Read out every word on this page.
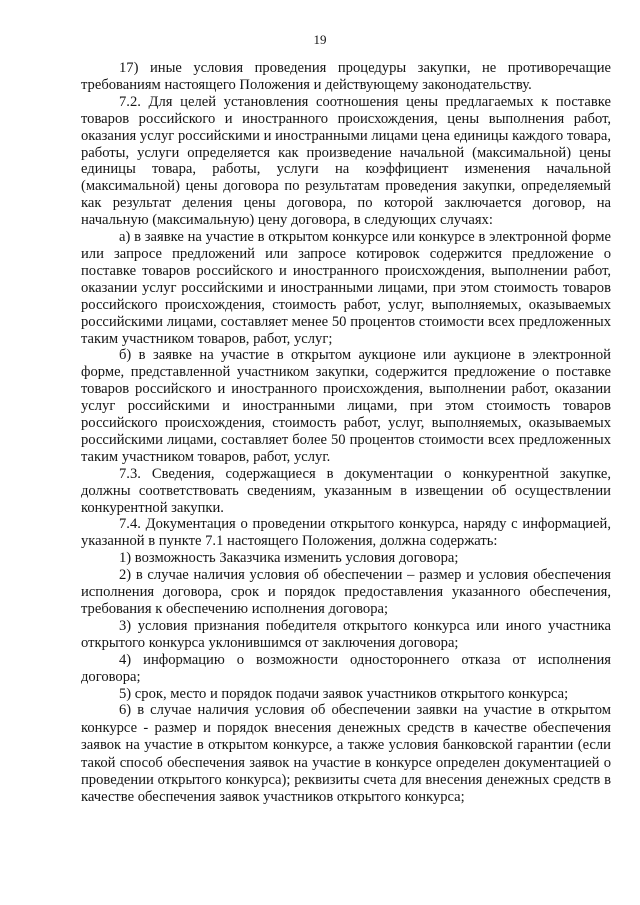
19

17) иные условия проведения процедуры закупки, не противоречащие требованиям настоящего Положения и действующему законодательству.

7.2. Для целей установления соотношения цены предлагаемых к поставке товаров российского и иностранного происхождения, цены выполнения работ, оказания услуг российскими и иностранными лицами цена единицы каждого товара, работы, услуги определяется как произведение начальной (максимальной) цены единицы товара, работы, услуги на коэффициент изменения начальной (максимальной) цены договора по результатам проведения закупки, определяемый как результат деления цены договора, по которой заключается договор, на начальную (максимальную) цену договора, в следующих случаях:

а) в заявке на участие в открытом конкурсе или конкурсе в электронной форме или запросе предложений или запросе котировок содержится предложение о поставке товаров российского и иностранного происхождения, выполнении работ, оказании услуг российскими и иностранными лицами, при этом стоимость товаров российского происхождения, стоимость работ, услуг, выполняемых, оказываемых российскими лицами, составляет менее 50 процентов стоимости всех предложенных таким участником товаров, работ, услуг;

б) в заявке на участие в открытом аукционе или аукционе в электронной форме, представленной участником закупки, содержится предложение о поставке товаров российского и иностранного происхождения, выполнении работ, оказании услуг российскими и иностранными лицами, при этом стоимость товаров российского происхождения, стоимость работ, услуг, выполняемых, оказываемых российскими лицами, составляет более 50 процентов стоимости всех предложенных таким участником товаров, работ, услуг.

7.3. Сведения, содержащиеся в документации о конкурентной закупке, должны соответствовать сведениям, указанным в извещении об осуществлении конкурентной закупки.

7.4. Документация о проведении открытого конкурса, наряду с информацией, указанной в пункте 7.1 настоящего Положения, должна содержать:

1) возможность Заказчика изменить условия договора;

2) в случае наличия условия об обеспечении – размер и условия обеспечения исполнения договора, срок и порядок предоставления указанного обеспечения, требования к обеспечению исполнения договора;

3) условия признания победителя открытого конкурса или иного участника открытого конкурса уклонившимся от заключения договора;

4) информацию о возможности одностороннего отказа от исполнения договора;

5) срок, место и порядок подачи заявок участников открытого конкурса;

6) в случае наличия условия об обеспечении заявки на участие в открытом конкурсе - размер и порядок внесения денежных средств в качестве обеспечения заявок на участие в открытом конкурсе, а также условия банковской гарантии (если такой способ обеспечения заявок на участие в конкурсе определен документацией о проведении открытого конкурса); реквизиты счета для внесения денежных средств в качестве обеспечения заявок участников открытого конкурса;
